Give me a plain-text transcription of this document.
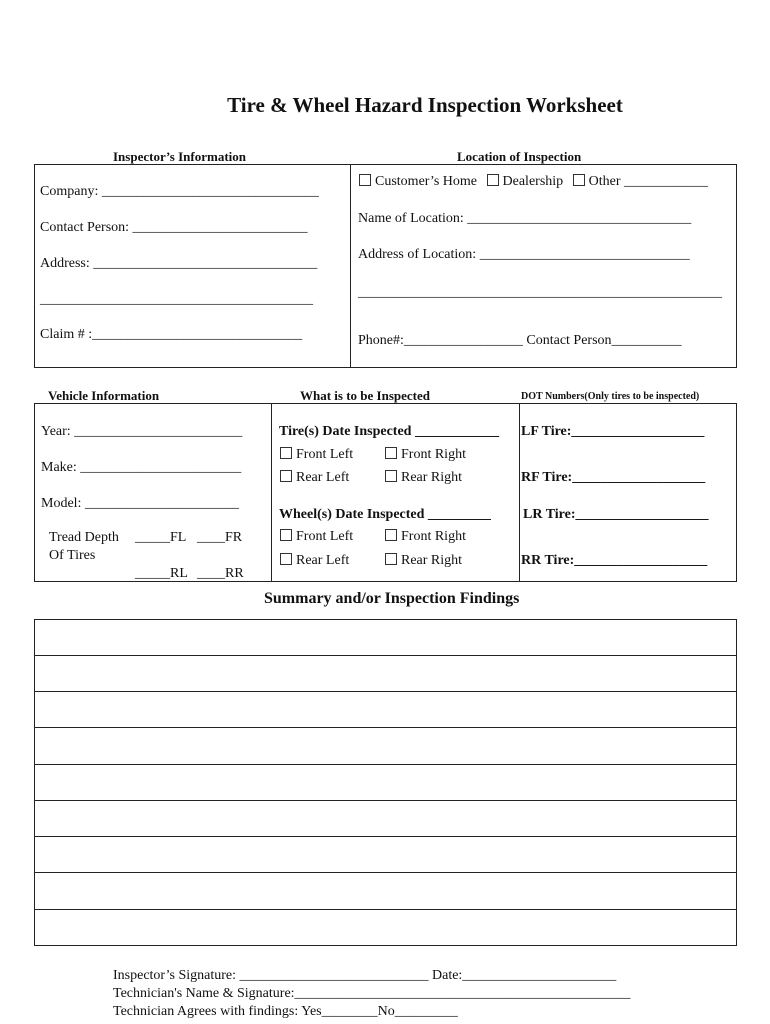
Tire & Wheel Hazard Inspection Worksheet
Inspector’s Information	Location of Inspection
Company: _______________________________
Contact Person: _________________________
Address: ________________________________
_______________________________________
Claim # :______________________________
Customer’s Home Dealership Other ____________
Name of Location: ________________________________
Address of Location: ______________________________
____________________________________________________
Phone#:_________________ Contact Person__________
Vehicle Information	What is to be Inspected	DOT Numbers(Only tires to be inspected)
Year: ________________________
Make: _______________________
Model: ______________________
Tread Depth
Of Tires
_____FL ____FR
_____RL ____RR
Tire(s) Date Inspected ____________
Front Left	Front Right
Rear Left	Rear Right
Wheel(s) Date Inspected _________
Front Left	Front Right
Rear Left	Rear Right
LF Tire:___________________
RF Tire:___________________
LR Tire:___________________
RR Tire:___________________
Summary and/or Inspection Findings
Inspector’s Signature: ___________________________ Date:______________________
Technician's Name & Signature:________________________________________________
Technician Agrees with findings: Yes________No_________
